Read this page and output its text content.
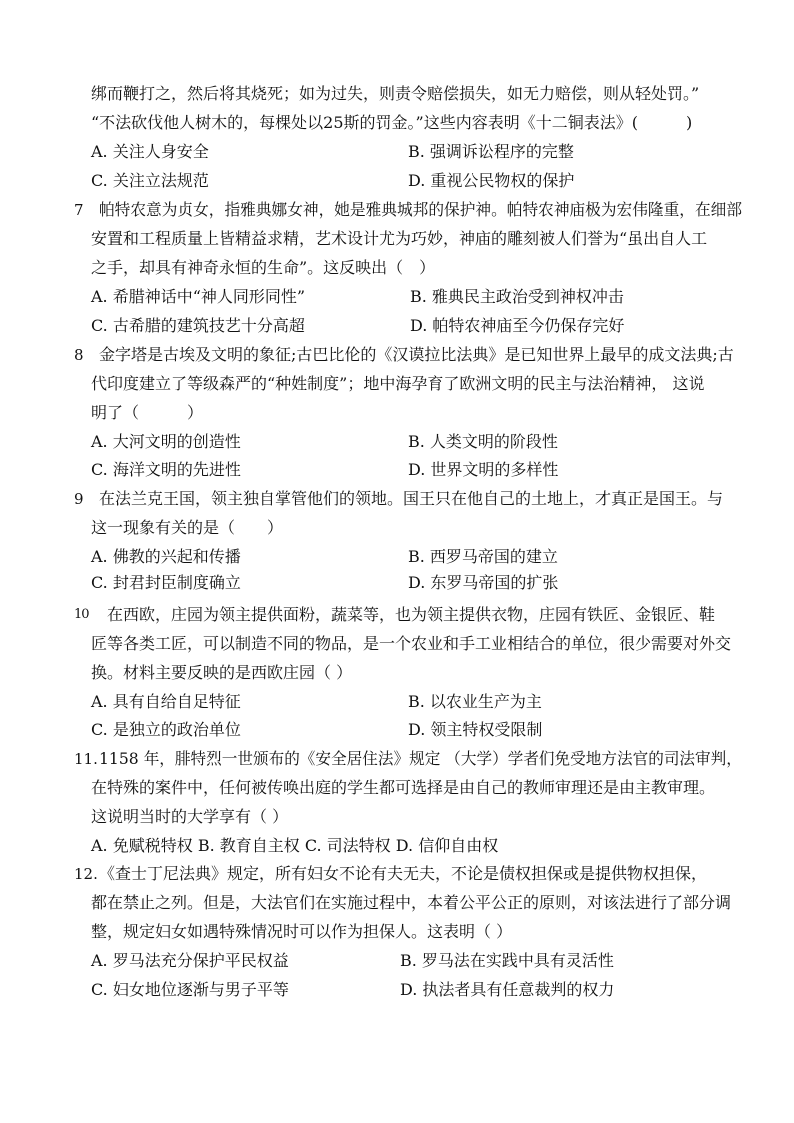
绑而鞭打之，然后将其烧死；如为过失，则责令赔偿损失，如无力赔偿，则从轻处罚。”
“不法砍伐他人树木的，每棵处以25斯的罚金。”这些内容表明《十二铜表法》(　　　)
A. 关注人身安全	B. 强调诉讼程序的完整
C. 关注立法规范	D. 重视公民物权的保护
7 帕特农意为贞女，指雅典娜女神，她是雅典城邦的保护神。帕特农神庙极为宏伟隆重，在细部
安置和工程质量上皆精益求精，艺术设计尤为巧妙，神庙的雕刻被人们誉为“虽出自人工
之手，却具有神奇永恒的生命”。这反映出（　）
A. 希腊神话中“神人同形同性”	B. 雅典民主政治受到神权冲击
C. 古希腊的建筑技艺十分高超	D. 帕特农神庙至今仍保存完好
8 金字塔是古埃及文明的象征;古巴比伦的《汉谟拉比法典》是已知世界上最早的成文法典;古
代印度建立了等级森严的“种姓制度”；地中海孕育了欧洲文明的民主与法治精神， 这说
明了（　　　）
A. 大河文明的创造性	B. 人类文明的阶段性
C. 海洋文明的先进性	D. 世界文明的多样性
9 在法兰克王国，领主独自掌管他们的领地。国王只在他自己的土地上，才真正是国王。与
这一现象有关的是（　　）
A. 佛教的兴起和传播	B. 西罗马帝国的建立
C. 封君封臣制度确立	D. 东罗马帝国的扩张
10 在西欧，庄园为领主提供面粉，蔬菜等，也为领主提供衣物，庄园有铁匠、金银匠、鞋
匠等各类工匠，可以制造不同的物品，是一个农业和手工业相结合的单位，很少需要对外交
换。材料主要反映的是西欧庄园（ ）
A. 具有自给自足特征	B. 以农业生产为主
C. 是独立的政治单位	D. 领主特权受限制
11. 1158 年，腓特烈一世颁布的《安全居住法》规定 （大学）学者们免受地方法官的司法审判，
在特殊的案件中，任何被传唤出庭的学生都可选择是由自己的教师审理还是由主教审理。
这说明当时的大学享有（ ）
A. 免赋税特权 B. 教育自主权 C. 司法特权 D. 信仰自由权
12. 《查士丁尼法典》规定，所有妇女不论有夫无夫，不论是债权担保或是提供物权担保，
都在禁止之列。但是，大法官们在实施过程中，本着公平公正的原则，对该法进行了部分调
整，规定妇女如遇特殊情况时可以作为担保人。这表明（ ）
A. 罗马法充分保护平民权益	B. 罗马法在实践中具有灵活性
C. 妇女地位逐渐与男子平等	D. 执法者具有任意裁判的权力
